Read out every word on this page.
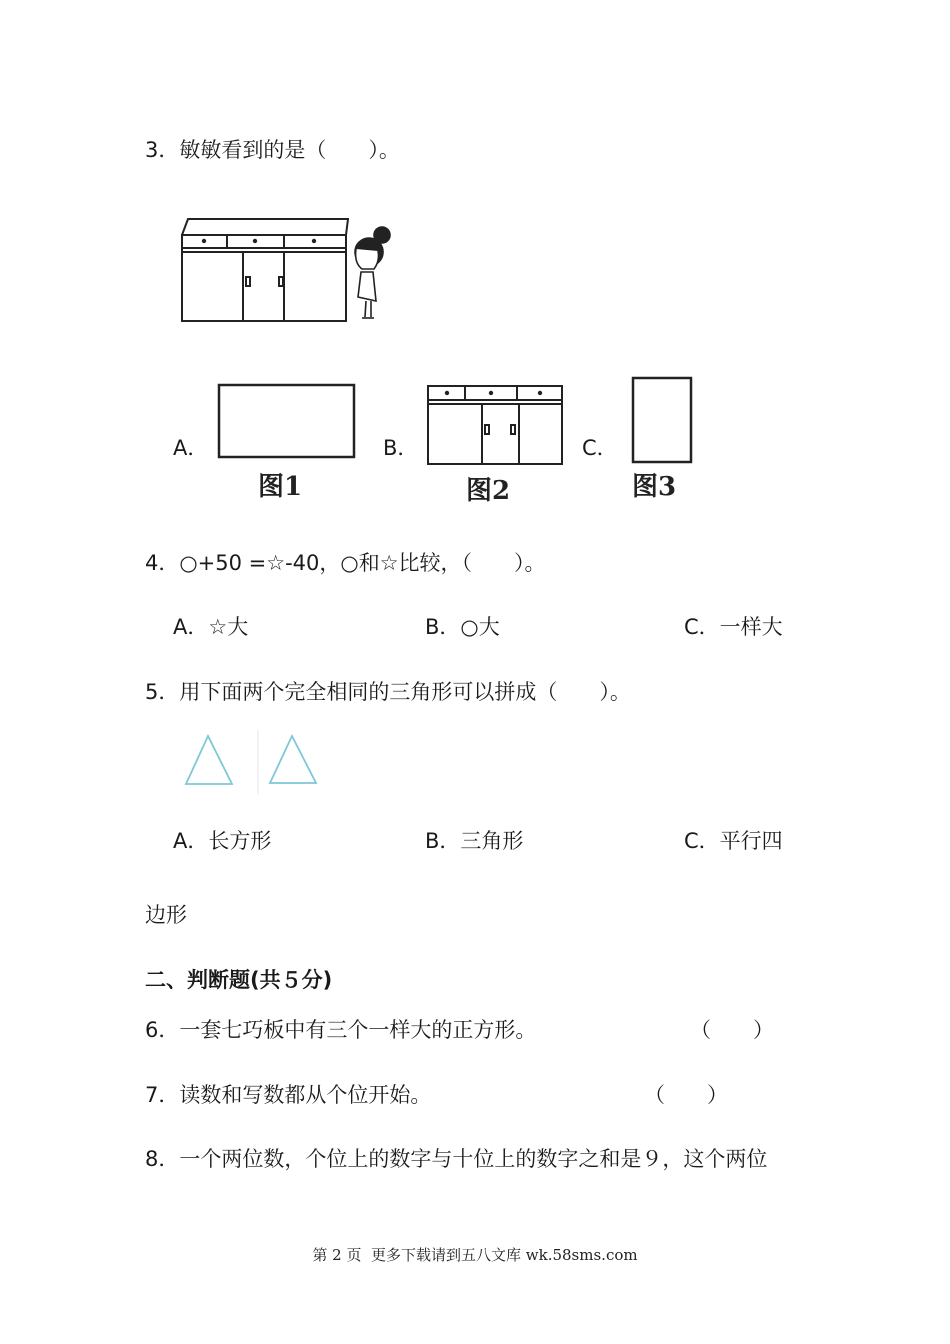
3．敏敏看到的是（　　）。
A．
图1
B．
图2
C．
图3
4．○+50 =☆-40，○和☆比较，（　　）。
A．☆大	B．○大	C．一样大
5．用下面两个完全相同的三角形可以拼成（　　）。
A．长方形	B．三角形	C．平行四
边形
二、判断题(共５分)
6．一套七巧板中有三个一样大的正方形。	（　　）
7．读数和写数都从个位开始。	（　　）
8．一个两位数，个位上的数字与十位上的数字之和是９，这个两位
第 2 页  更多下载请到五八文库 wk.58sms.com
